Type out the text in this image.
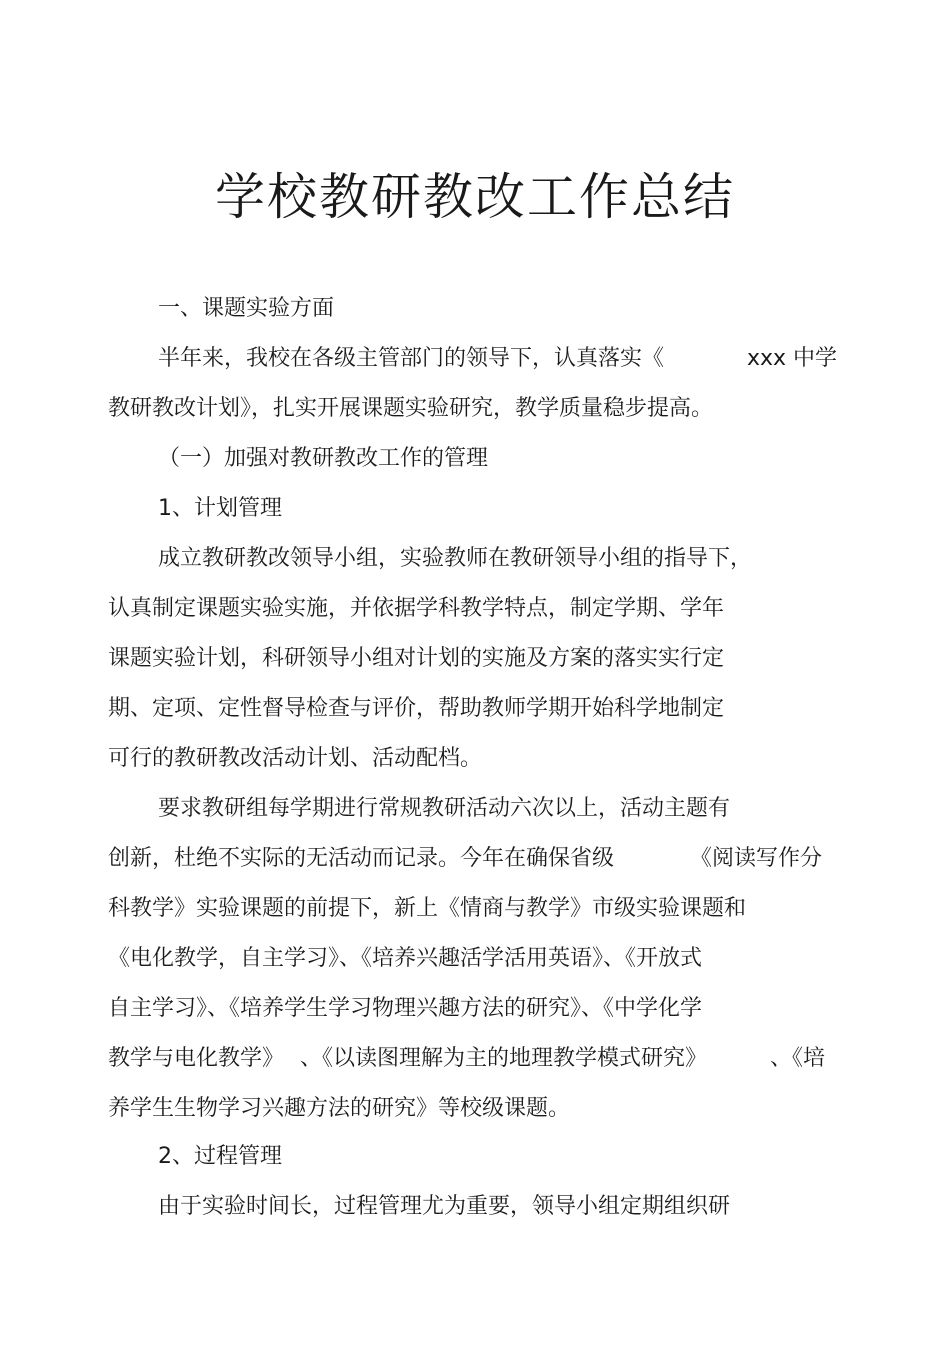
学校教研教改工作总结
一、课题实验方面
半年来，我校在各级主管部门的领导下，认真落实《	xxx 中学
教研教改计划》，扎实开展课题实验研究，教学质量稳步提高。
（一）加强对教研教改工作的管理
1、计划管理
成立教研教改领导小组，实验教师在教研领导小组的指导下，
认真制定课题实验实施，并依据学科教学特点，制定学期、学年
课题实验计划，科研领导小组对计划的实施及方案的落实实行定
期、定项、定性督导检查与评价，帮助教师学期开始科学地制定
可行的教研教改活动计划、活动配档。
要求教研组每学期进行常规教研活动六次以上，活动主题有
创新，杜绝不实际的无活动而记录。今年在确保省级	《阅读写作分
科教学》实验课题的前提下，新上《情商与教学》市级实验课题和
《电化教学，自主学习》、《培养兴趣活学活用英语》、《开放式
自主学习》、《培养学生学习物理兴趣方法的研究》、《中学化学
教学与电化教学》 、《以读图理解为主的地理教学模式研究》	、《培
养学生生物学习兴趣方法的研究》等校级课题。
2、过程管理
由于实验时间长，过程管理尤为重要，领导小组定期组织研
